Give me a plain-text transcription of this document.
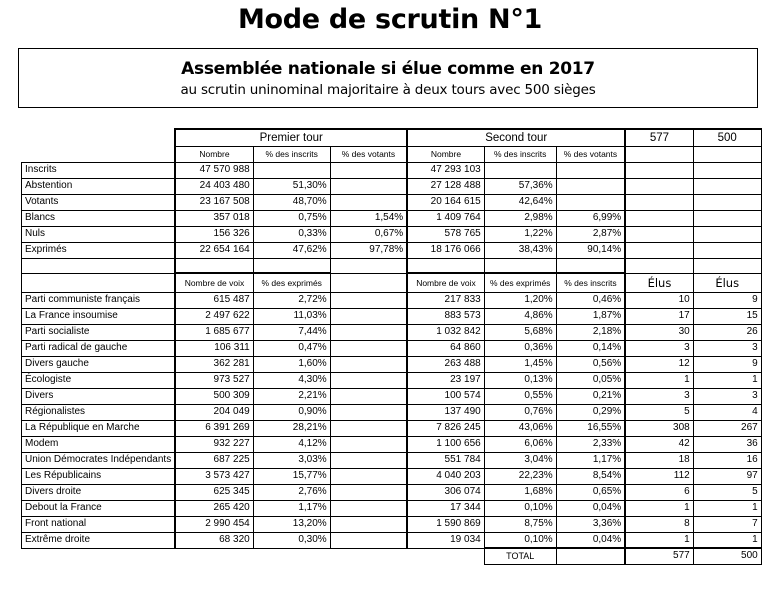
Mode de scrutin N°1
Assemblée nationale si élue comme en 2017
au scrutin uninominal majoritaire à deux tours avec 500 sièges
	Premier tour			Second tour			577	500
	Nombre	% des inscrits	% des votants	Nombre	% des inscrits	% des votants		
Inscrits	47 570 988			47 293 103				
Abstention	24 403 480	51,30%		27 128 488	57,36%			
Votants	23 167 508	48,70%		20 164 615	42,64%			
Blancs	357 018	0,75%	1,54%	1 409 764	2,98%	6,99%		
Nuls	156 326	0,33%	0,67%	578 765	1,22%	2,87%		
Exprimés	22 654 164	47,62%	97,78%	18 176 066	38,43%	90,14%		

	Nombre de voix	% des exprimés		Nombre de voix	% des exprimés	% des inscrits	Élus	Élus
Parti communiste français	615 487	2,72%		217 833	1,20%	0,46%	10	9
La France insoumise	2 497 622	11,03%		883 573	4,86%	1,87%	17	15
Parti socialiste	1 685 677	7,44%		1 032 842	5,68%	2,18%	30	26
Parti radical de gauche	106 311	0,47%		64 860	0,36%	0,14%	3	3
Divers gauche	362 281	1,60%		263 488	1,45%	0,56%	12	9
Écologiste	973 527	4,30%		23 197	0,13%	0,05%	1	1
Divers	500 309	2,21%		100 574	0,55%	0,21%	3	3
Régionalistes	204 049	0,90%		137 490	0,76%	0,29%	5	4
La République en Marche	6 391 269	28,21%		7 826 245	43,06%	16,55%	308	267
Modem	932 227	4,12%		1 100 656	6,06%	2,33%	42	36
Union Démocrates Indépendants	687 225	3,03%		551 784	3,04%	1,17%	18	16
Les Républicains	3 573 427	15,77%		4 040 203	22,23%	8,54%	112	97
Divers droite	625 345	2,76%		306 074	1,68%	0,65%	6	5
Debout la France	265 420	1,17%		17 344	0,10%	0,04%	1	1
Front national	2 990 454	13,20%		1 590 869	8,75%	3,36%	8	7
Extrême droite	68 320	0,30%		19 034	0,10%	0,04%	1	1
					TOTAL		577	500
